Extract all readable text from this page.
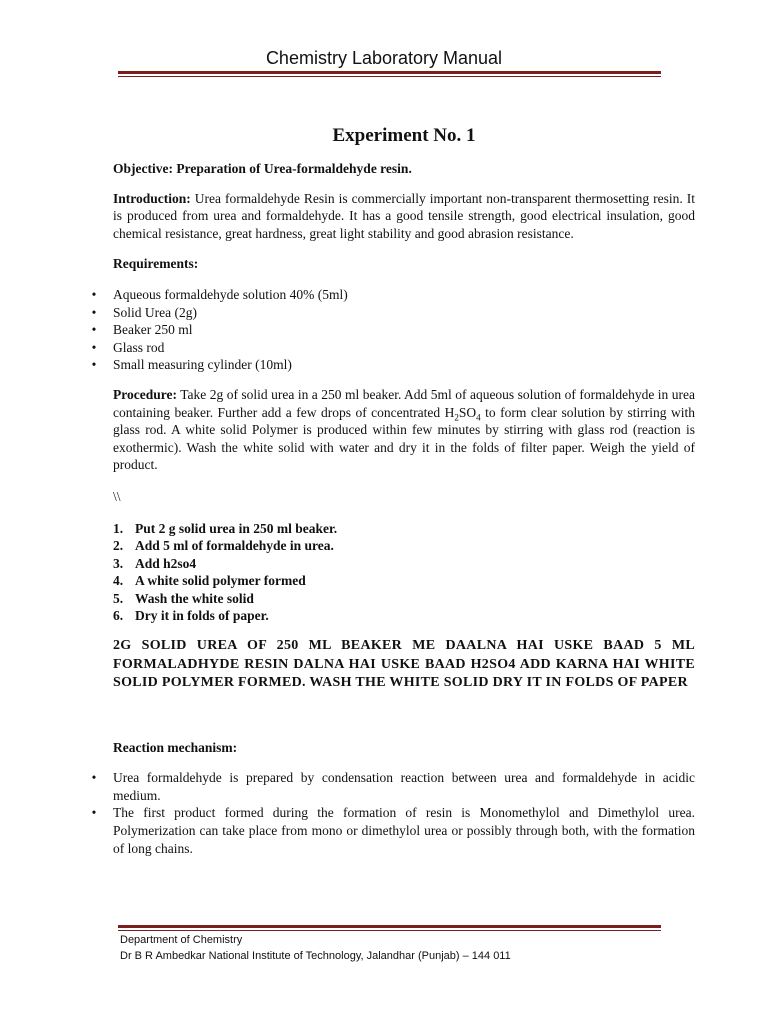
Chemistry Laboratory Manual
Experiment No. 1

Objective: Preparation of Urea-formaldehyde resin.

Introduction: Urea formaldehyde Resin is commercially important non-transparent thermosetting resin. It is produced from urea and formaldehyde. It has a good tensile strength, good electrical insulation, good chemical resistance, great hardness, great light stability and good abrasion resistance.

Requirements:

• Aqueous formaldehyde solution 40% (5ml)
• Solid Urea (2g)
• Beaker 250 ml
• Glass rod
• Small measuring cylinder (10ml)

Procedure: Take 2g of solid urea in a 250 ml beaker. Add 5ml of aqueous solution of formaldehyde in urea containing beaker. Further add a few drops of concentrated $H_2SO_4$ to form clear solution by stirring with glass rod. A white solid Polymer is produced within few minutes by stirring with glass rod (reaction is exothermic). Wash the white solid with water and dry it in the folds of filter paper. Weigh the yield of product.

\\

1. Put 2 g solid urea in 250 ml beaker.
2. Add 5 ml of formaldehyde in urea.
3. Add h2so4
4. A white solid polymer formed
5. Wash the white solid
6. Dry it in folds of paper.

2G SOLID UREA OF 250 ML BEAKER ME DAALNA HAI USKE BAAD 5 ML FORMALADHYDE RESIN DALNA HAI USKE BAAD H2SO4 ADD KARNA HAI WHITE SOLID POLYMER FORMED. WASH THE WHITE SOLID DRY IT IN FOLDS OF PAPER

Reaction mechanism:

• Urea formaldehyde is prepared by condensation reaction between urea and formaldehyde in acidic medium.
• The first product formed during the formation of resin is Monomethylol and Dimethylol urea. Polymerization can take place from mono or dimethylol urea or possibly through both, with the formation of long chains.
Department of Chemistry
Dr B R Ambedkar National Institute of Technology, Jalandhar (Punjab) – 144 011
